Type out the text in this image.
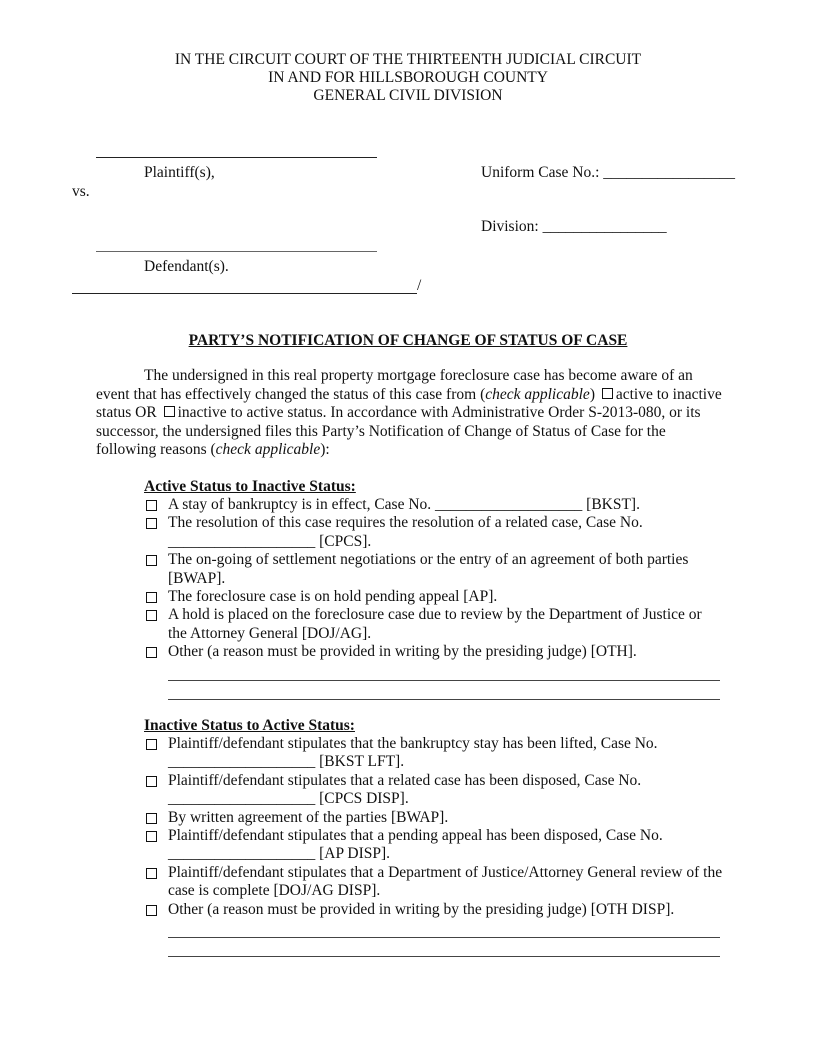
IN THE CIRCUIT COURT OF THE THIRTEENTH JUDICIAL CIRCUIT
IN AND FOR HILLSBOROUGH COUNTY
GENERAL CIVIL DIVISION
Plaintiff(s),	Uniform Case No.: _________________
vs.
Division: ________________
Defendant(s).
/
PARTY’S NOTIFICATION OF CHANGE OF STATUS OF CASE

The undersigned in this real property mortgage foreclosure case has become aware of an event that has effectively changed the status of this case from (check applicable) active to inactive status OR inactive to active status. In accordance with Administrative Order S-2013-080, or its successor, the undersigned files this Party’s Notification of Change of Status of Case for the following reasons (check applicable):

Active Status to Inactive Status:

A stay of bankruptcy is in effect, Case No. ___________________ [BKST].

The resolution of this case requires the resolution of a related case, Case No. ___________________ [CPCS].

The on-going of settlement negotiations or the entry of an agreement of both parties [BWAP].

The foreclosure case is on hold pending appeal [AP].

A hold is placed on the foreclosure case due to review by the Department of Justice or the Attorney General [DOJ/AG].

Other (a reason must be provided in writing by the presiding judge) [OTH].

Inactive Status to Active Status:

Plaintiff/defendant stipulates that the bankruptcy stay has been lifted, Case No. ___________________ [BKST LFT].

Plaintiff/defendant stipulates that a related case has been disposed, Case No. ___________________ [CPCS DISP].

By written agreement of the parties [BWAP].

Plaintiff/defendant stipulates that a pending appeal has been disposed, Case No. ___________________ [AP DISP].

Plaintiff/defendant stipulates that a Department of Justice/Attorney General review of the case is complete [DOJ/AG DISP].

Other (a reason must be provided in writing by the presiding judge) [OTH DISP].
